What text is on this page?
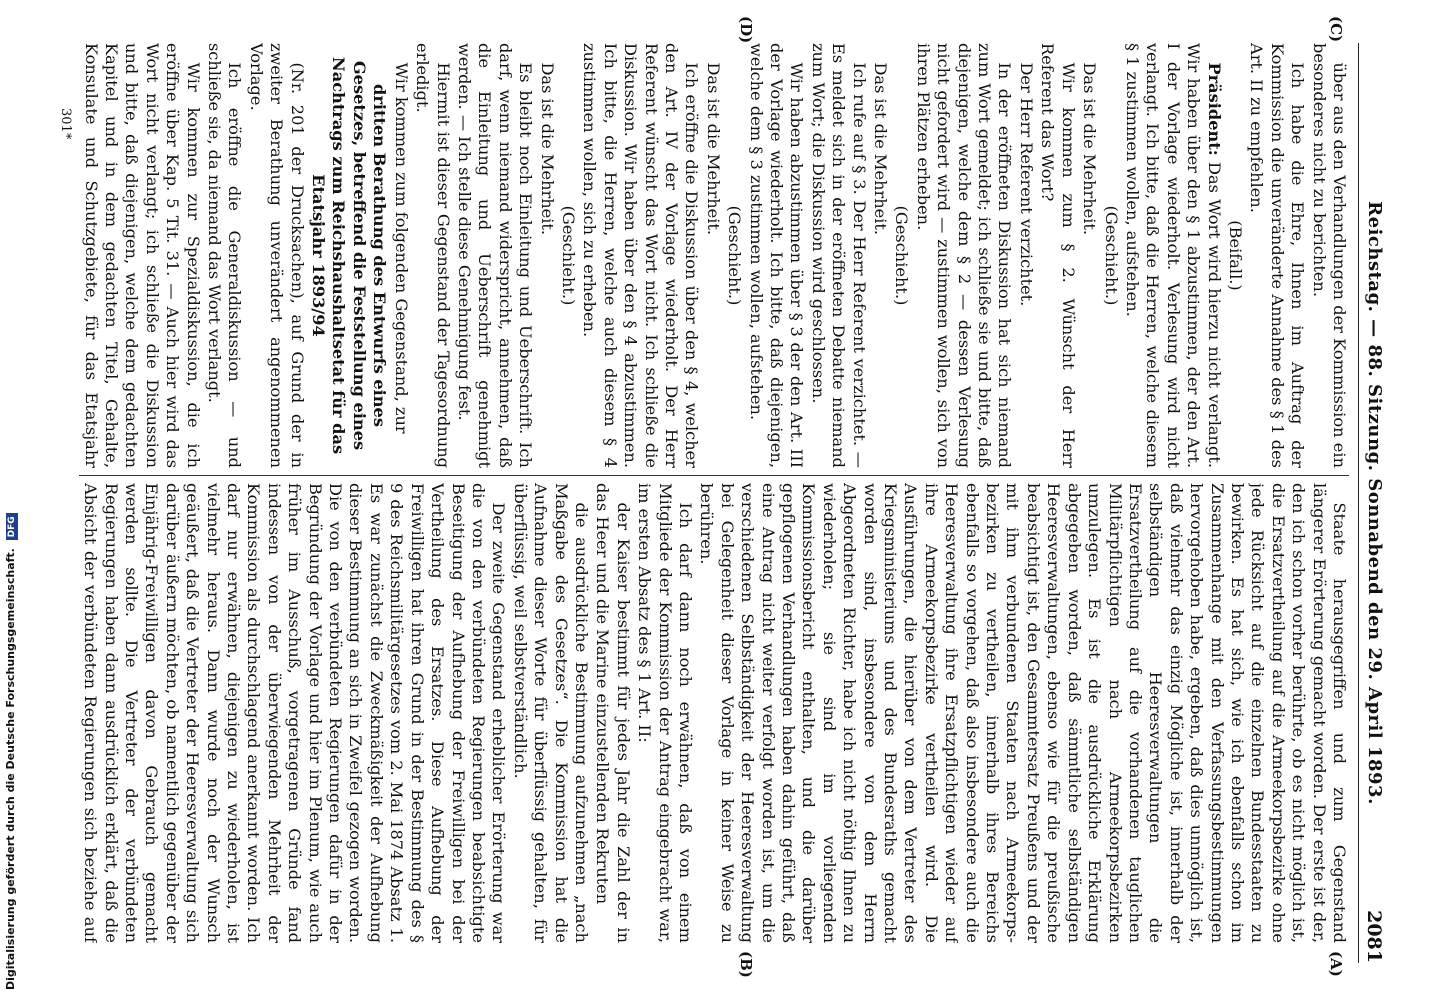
Reichstag. — 88. Sitzung. Sonnabend den 29. April 1893.
2081
(A)
(B)
(C)
(D)

Staate herausgegriffen und zum Gegenstand längerer Erörterung gemacht worden. Der erste ist der, den ich schon vorher berührte, ob es nicht möglich ist, die Ersatzvertheilung auf die Armeekorpsbezirke ohne jede Rücksicht auf die einzelnen Bundesstaaten zu bewirken. Es hat sich, wie ich ebenfalls schon im Zusammenhange mit den Verfassungsbestimmungen hervorgehoben habe, ergeben, daß dies unmöglich ist, daß vielmehr das einzig Mögliche ist, innerhalb der selbständigen Heeresverwaltungen die Ersatzvertheilung auf die vorhandenen tauglichen Militärpflichtigen nach Armeekorpsbezirken umzulegen. Es ist die ausdrückliche Erklärung abgegeben worden, daß sämmtliche selbständigen Heeresverwaltungen, ebenso wie für die preußische beabsichtigt ist, den Gesammtersatz Preußens und der mit ihm verbundenen Staaten nach Armeekorps-bezirken zu vertheilen, innerhalb ihres Bereichs ebenfalls so vorgehen, daß also insbesondere auch die Heeresverwaltung ihre Ersatzpflichtigen wieder auf ihre Armeekorpsbezirke vertheilen wird. Die Ausführungen, die hierüber von dem Vertreter des Kriegsministeriums und des Bundesraths gemacht worden sind, insbesondere von dem Herrn Abgeordneten Richter, habe ich nicht nöthig Ihnen zu wiederholen; sie sind im vorliegenden Kommissionsbericht enthalten, und die darüber gepflogenen Verhandlungen haben dahin geführt, daß eine Antrag nicht weiter verfolgt worden ist, um die verschiedenen Selbständigkeit der Heeresverwaltung bei Gelegenheit dieser Vorlage in keiner Weise zu berühren.

Ich darf dann noch erwähnen, daß von einem Mitgliede der Kommission der Antrag eingebracht war, im ersten Absatz des § 1 Art. II:

der Kaiser bestimmt für jedes Jahr die Zahl der in das Heer und die Marine einzustellenden Rekruten

die ausdrückliche Bestimmung aufzunehmen „nach Maßgabe des Gesetzes“. Die Kommission hat die Aufnahme dieser Worte für überflüssig gehalten, für überflüssig, weil selbstverständlich.

Der zweite Gegenstand erheblicher Erörterung war die von den verbündeten Regierungen beabsichtigte Beseitigung der Aufhebung der Freiwilligen bei der Vertheilung des Ersatzes. Diese Aufhebung der Freiwilligen hat ihren Grund in der Bestimmung des § 9 des Reichsmilitärgesetzes vom 2. Mai 1874 Absatz 1. Es war zunächst die Zweckmäßigkeit der Aufhebung dieser Bestimmung an sich in Zweifel gezogen worden. Die von den verbündeten Regierungen dafür in der Begründung der Vorlage und hier im Plenum, wie auch früher im Ausschuß, vorgetragenen Gründe fand indessen von der überwiegenden Mehrheit der Kommission als durchschlagend anerkannt worden. Ich darf nur erwähnen, diejenigen zu wiederholen, ist vielmehr heraus. Dann wurde noch der Wunsch geäußert, daß die Vertreter der Heeresverwaltung sich darüber äußern möchten, ob namentlich gegenüber der Einjährig-Freiwilligen davon Gebrauch gemacht werden sollte. Die Vertreter der verbündeten Regierungen haben dann ausdrücklich erklärt, daß die Absicht der verbündeten Regierungen sich beziehe auf

über aus den Verhandlungen der Kommission ein besonderes nicht zu berichten.

Ich habe die Ehre, Ihnen im Auftrag der Kommission die unveränderte Annahme des § 1 des Art. II zu empfehlen.

(Beifall.)

Präsident: Das Wort wird hierzu nicht verlangt. Wir haben über den § 1 abzustimmen, der den Art. I der Vorlage wiederholt. Verlesung wird nicht verlangt. Ich bitte, daß die Herren, welche diesem § 1 zustimmen wollen, aufstehen.

(Geschieht.)

Das ist die Mehrheit.

Wir kommen zum § 2. Wünscht der Herr Referent das Wort?

Der Herr Referent verzichtet.

In der eröffneten Diskussion hat sich niemand zum Wort gemeldet; ich schließe sie und bitte, daß diejenigen, welche dem § 2 — dessen Verlesung nicht gefordert wird — zustimmen wollen, sich von ihren Plätzen erheben.

(Geschieht.)

Das ist die Mehrheit.

Ich rufe auf § 3. Der Herr Referent verzichtet. — Es meldet sich in der eröffneten Debatte niemand zum Wort; die Diskussion wird geschlossen.

Wir haben abzustimmen über § 3 der den Art. III der Vorlage wiederholt. Ich bitte, daß diejenigen, welche dem § 3 zustimmen wollen, aufstehen.

(Geschieht.)

Das ist die Mehrheit.

Ich eröffne die Diskussion über den § 4, welcher den Art. IV der Vorlage wiederholt. Der Herr Referent wünscht das Wort nicht. Ich schließe die Diskussion. Wir haben über den § 4 abzustimmen. Ich bitte, die Herren, welche auch diesem § 4 zustimmen wollen, sich zu erheben.

(Geschieht.)

Das ist die Mehrheit.

Es bleibt noch Einleitung und Ueberschrift. Ich darf, wenn niemand widerspricht, annehmen, daß die Einleitung und Ueberschrift genehmigt werden. — Ich stelle diese Genehmigung fest.

Hiermit ist dieser Gegenstand der Tagesordnung erledigt.

Wir kommen zum folgenden Gegenstand, zur

dritten Berathung des Entwurfs eines Gesetzes, betreffend die Feststellung eines Nachtrags zum Reichshaushaltsetat für das Etatsjahr 1893/94

(Nr. 201 der Drucksachen), auf Grund der in zweiter Berathung unverändert angenommenen Vorlage.

Ich eröffne die Generaldiskussion — und schließe sie, da niemand das Wort verlangt.

Wir kommen zur Spezialdiskussion, die ich eröffne über Kap. 5 Tit. 31. — Auch hier wird das Wort nicht verlangt; ich schließe die Diskussion und bitte, daß diejenigen, welche dem gedachten Kapitel und in dem gedachten Titel, Gehalte, Konsulate und Schutzgebiete, für das Etatsjahr

301*
Digitalisierung gefördert durch die Deutsche Forschungsgemeinschaft. DFG
